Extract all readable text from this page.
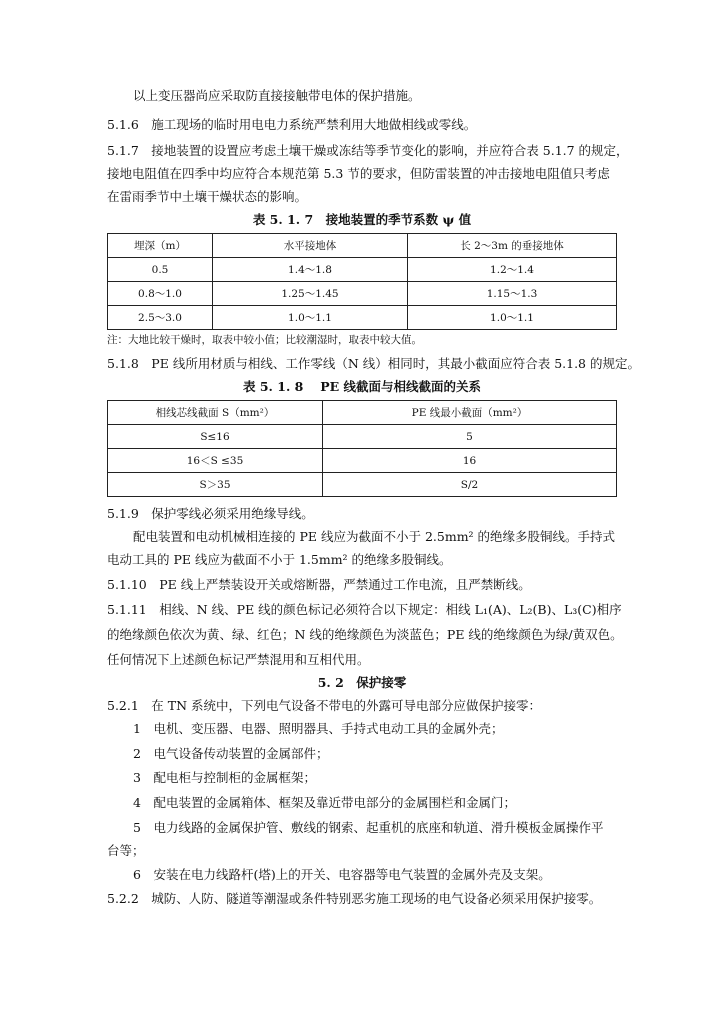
以上变压器尚应采取防直接接触带电体的保护措施。
5.1.6　施工现场的临时用电电力系统严禁利用大地做相线或零线。
5.1.7　接地装置的设置应考虑土壤干燥或冻结等季节变化的影响，并应符合表 5.1.7 的规定，
接地电阻值在四季中均应符合本规范第 5.3 节的要求，但防雷装置的冲击接地电阻值只考虑
在雷雨季节中土壤干燥状态的影响。
表 5. 1. 7　接地装置的季节系数 ψ 值
埋深（m）	水平接地体	长 2～3m 的垂接地体
0.5	1.4～1.8	1.2～1.4
0.8～1.0	1.25～1.45	1.15～1.3
2.5～3.0	1.0～1.1	1.0～1.1
注：大地比较干燥时，取表中较小值；比较潮湿时，取表中较大值。
5.1.8　PE 线所用材质与相线、工作零线（N 线）相同时，其最小截面应符合表 5.1.8 的规定。
表 5. 1. 8　 PE 线截面与相线截面的关系
相线芯线截面 S（mm²）	PE 线最小截面（mm²）
S≤16	5
16＜S ≤35	16
S＞35	S/2
5.1.9　保护零线必须采用绝缘导线。
配电装置和电动机械相连接的 PE 线应为截面不小于 2.5mm² 的绝缘多股铜线。手持式
电动工具的 PE 线应为截面不小于 1.5mm² 的绝缘多股铜线。
5.1.10　PE 线上严禁装设开关或熔断器，严禁通过工作电流，且严禁断线。
5.1.11　相线、N 线、PE 线的颜色标记必须符合以下规定：相线 L₁(A)、L₂(B)、L₃(C)相序
的绝缘颜色依次为黄、绿、红色；N 线的绝缘颜色为淡蓝色；PE 线的绝缘颜色为绿/黄双色。
任何情况下上述颜色标记严禁混用和互相代用。
5. 2　保护接零
5.2.1　在 TN 系统中，下列电气设备不带电的外露可导电部分应做保护接零：
1　电机、变压器、电器、照明器具、手持式电动工具的金属外壳；
2　电气设备传动装置的金属部件；
3　配电柜与控制柜的金属框架；
4　配电装置的金属箱体、框架及靠近带电部分的金属围栏和金属门；
5　电力线路的金属保护管、敷线的钢索、起重机的底座和轨道、滑升模板金属操作平
台等；
6　安装在电力线路杆(塔)上的开关、电容器等电气装置的金属外壳及支架。
5.2.2　城防、人防、隧道等潮湿或条件特别恶劣施工现场的电气设备必须采用保护接零。
